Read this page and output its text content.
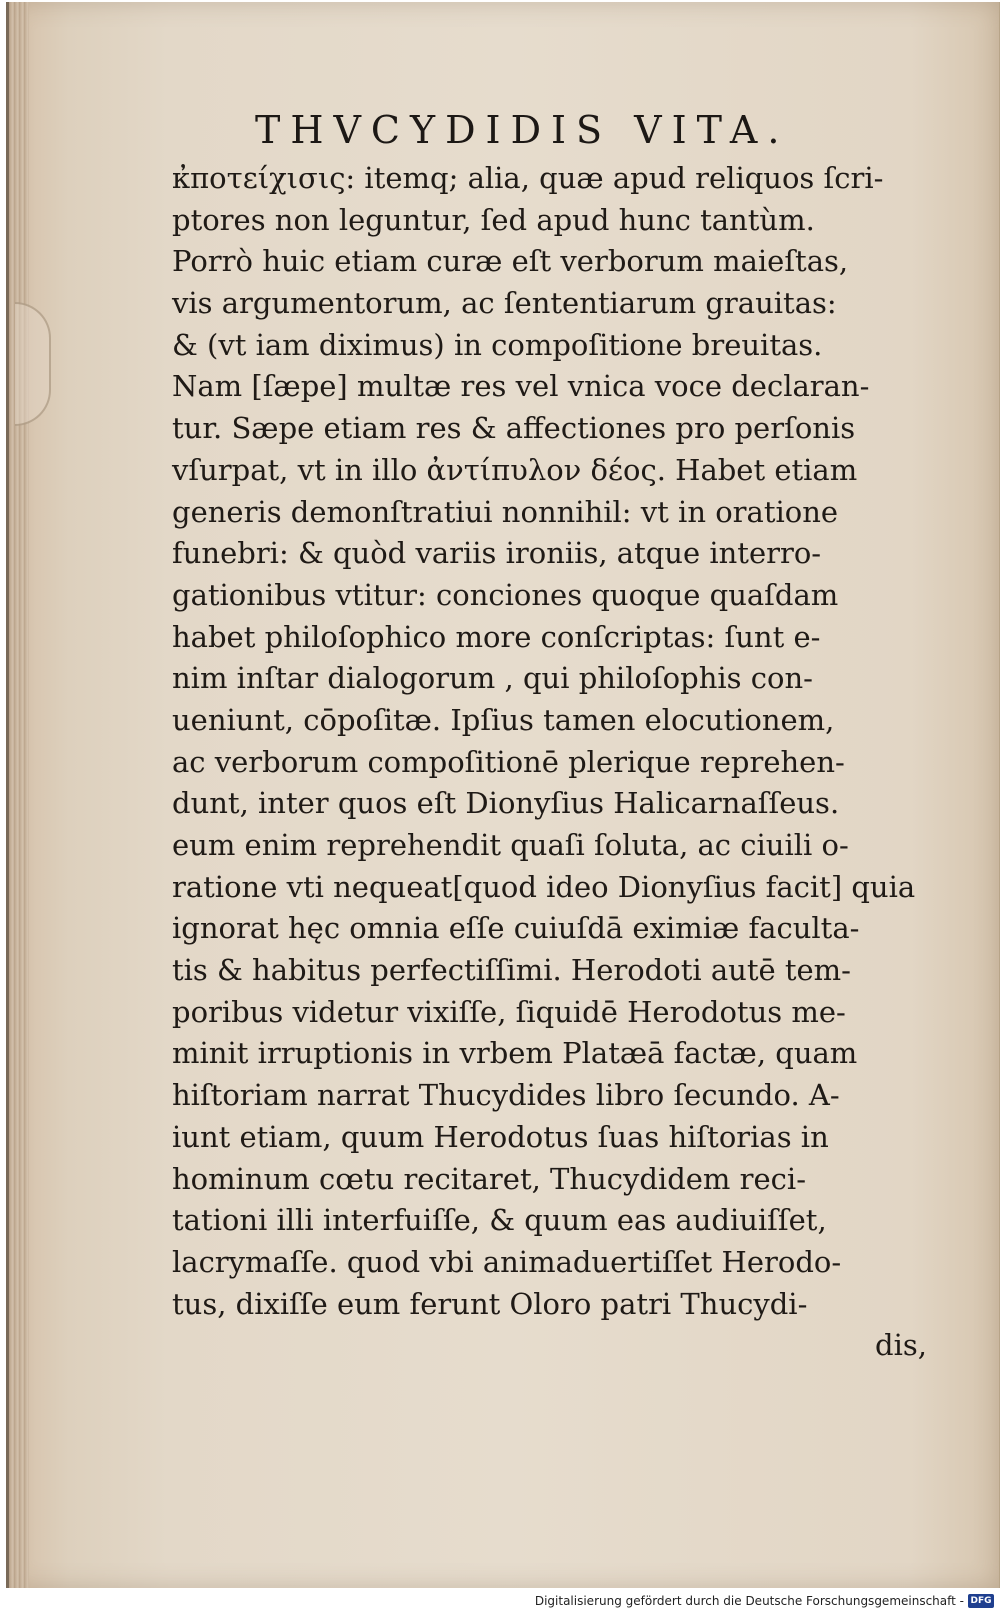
THVCYDIDIS VITA.
κ̓ποτείχισις: itemq; alia, quæ apud reliquos ſcri-
ptores non leguntur, ſed apud hunc tantùm.
Porrò huic etiam curæ eſt verborum maieſtas,
vis argumentorum, ac ſententiarum grauitas:
& (vt iam diximus) in compoſitione breuitas.
Nam [ſæpe] multæ res vel vnica voce declaran-
tur. Sæpe etiam res & affectiones pro perſonis
vſurpat, vt in illo ἀντίπυλον δέος. Habet etiam
generis demonſtratiui nonnihil: vt in oratione
funebri: & quòd variis ironiis, atque interro-
gationibus vtitur: conciones quoque quaſdam
habet philoſophico more conſcriptas: ſunt e-
nim inſtar dialogorum , qui philoſophis con-
ueniunt, cōpoſitæ. Ipſius tamen elocutionem,
ac verborum compoſitionē plerique reprehen-
dunt, inter quos eſt Dionyſius Halicarnaſſeus.
eum enim reprehendit quaſi ſoluta, ac ciuili o-
ratione vti nequeat[quod ideo Dionyſius facit] quia
ignorat hęc omnia eſſe cuiuſdā eximiæ faculta-
tis & habitus perfectiſſimi. Herodoti autē tem-
poribus videtur vixiſſe, ſiquidē Herodotus me-
minit irruptionis in vrbem Platæā factæ, quam
hiſtoriam narrat Thucydides libro ſecundo. A-
iunt etiam, quum Herodotus ſuas hiſtorias in
hominum cœtu recitaret, Thucydidem reci-
tationi illi interfuiſſe, & quum eas audiuiſſet,
lacrymaſſe. quod vbi animaduertiſſet Herodo-
tus, dixiſſe eum ferunt Oloro patri Thucydi-
dis,
Digitalisierung gefördert durch die Deutsche Forschungsgemeinschaft - DFG
